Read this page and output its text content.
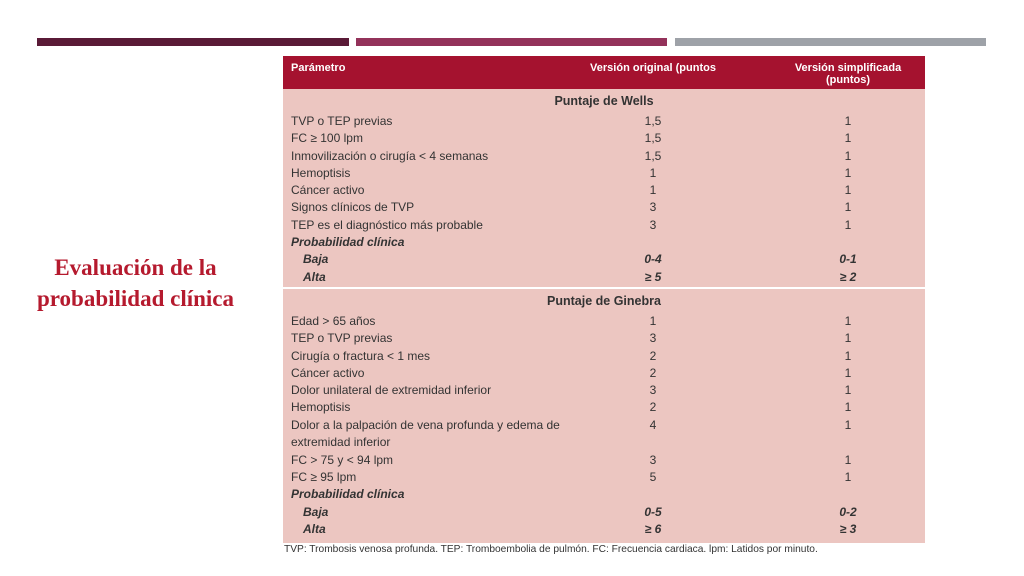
Evaluación de la
probabilidad clínica
Parámetro	Versión original (puntos	Versión simplificada (puntos)
Puntaje de Wells
TVP o TEP previas	1,5	1
FC ≥ 100 lpm	1,5	1
Inmovilización o cirugía < 4 semanas	1,5	1
Hemoptisis	1	1
Cáncer activo	1	1
Signos clínicos de TVP	3	1
TEP es el diagnóstico más probable	3	1
Probabilidad clínica
Baja	0-4	0-1
Alta	≥ 5	≥ 2
Puntaje de Ginebra
Edad > 65 años	1	1
TEP o TVP previas	3	1
Cirugía o fractura < 1 mes	2	1
Cáncer activo	2	1
Dolor unilateral de extremidad inferior	3	1
Hemoptisis	2	1
Dolor a la palpación de vena profunda y edema de extremidad inferior
4	1
FC > 75 y < 94 lpm	3	1
FC ≥ 95 lpm	5	1
Probabilidad clínica
Baja	0-5	0-2
Alta	≥ 6	≥ 3
TVP: Trombosis venosa profunda. TEP: Tromboembolia de pulmón. FC: Frecuencia cardiaca. lpm: Latidos por minuto.
